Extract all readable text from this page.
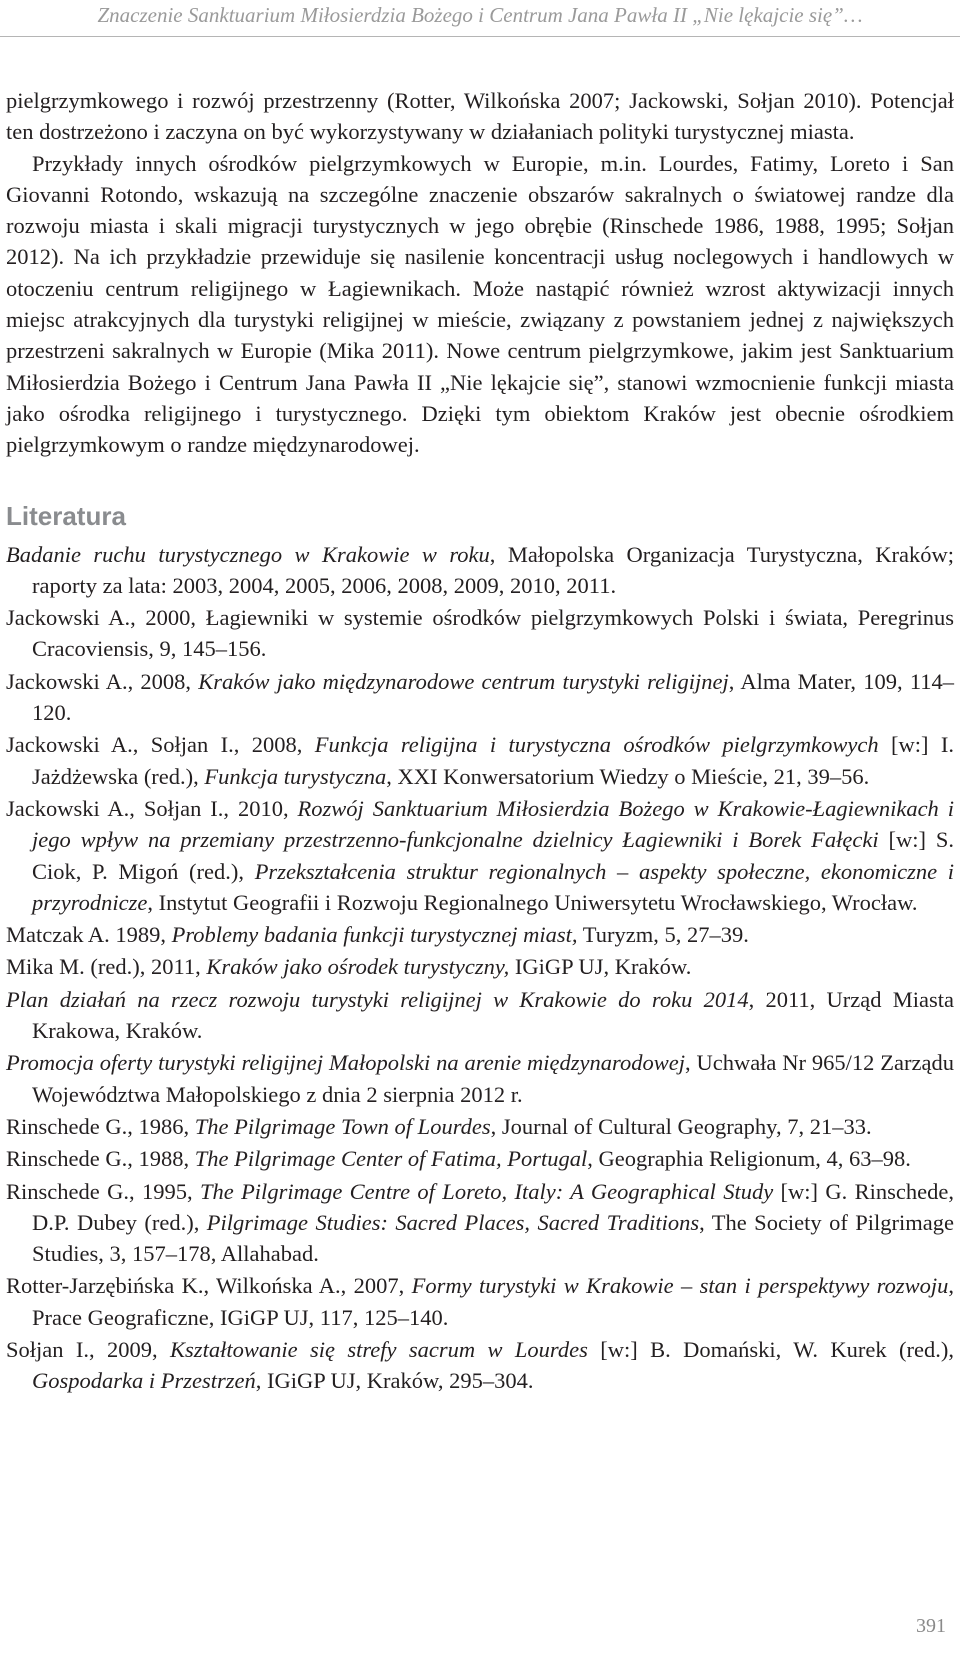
Znaczenie Sanktuarium Miłosierdzia Bożego i Centrum Jana Pawła II „Nie lękajcie się”…

pielgrzymkowego i rozwój przestrzenny (Rotter, Wilkońska 2007; Jackowski, Sołjan 2010). Potencjał ten dostrzeżono i zaczyna on być wykorzystywany w działaniach polityki turystycznej miasta.

Przykłady innych ośrodków pielgrzymkowych w Europie, m.in. Lourdes, Fatimy, Loreto i San Giovanni Rotondo, wskazują na szczególne znaczenie obszarów sakralnych o światowej randze dla rozwoju miasta i skali migracji turystycznych w jego obrębie (Rinschede 1986, 1988, 1995; Sołjan 2012). Na ich przykładzie przewiduje się nasilenie koncentracji usług noclegowych i handlowych w otoczeniu centrum religijnego w Łagiewnikach. Może nastąpić również wzrost aktywizacji innych miejsc atrakcyjnych dla turystyki religijnej w mieście, związany z powstaniem jednej z największych przestrzeni sakralnych w Europie (Mika 2011). Nowe centrum pielgrzymkowe, jakim jest Sanktuarium Miłosierdzia Bożego i Centrum Jana Pawła II „Nie lękajcie się”, stanowi wzmocnienie funkcji miasta jako ośrodka religijnego i turystycznego. Dzięki tym obiektom Kraków jest obecnie ośrodkiem pielgrzymkowym o randze międzynarodowej.

Literatura
Badanie ruchu turystycznego w Krakowie w roku, Małopolska Organizacja Turystyczna, Kraków; raporty za lata: 2003, 2004, 2005, 2006, 2008, 2009, 2010, 2011.
Jackowski A., 2000, Łagiewniki w systemie ośrodków pielgrzymkowych Polski i świata, Peregrinus Cracoviensis, 9, 145–156.
Jackowski A., 2008, Kraków jako międzynarodowe centrum turystyki religijnej, Alma Mater, 109, 114–120.
Jackowski A., Sołjan I., 2008, Funkcja religijna i turystyczna ośrodków pielgrzymkowych [w:] I. Jażdżewska (red.), Funkcja turystyczna, XXI Konwersatorium Wiedzy o Mieście, 21, 39–56.
Jackowski A., Sołjan I., 2010, Rozwój Sanktuarium Miłosierdzia Bożego w Krakowie-Łagiewnikach i jego wpływ na przemiany przestrzenno-funkcjonalne dzielnicy Łagiewniki i Borek Fałęcki [w:] S. Ciok, P. Migoń (red.), Przekształcenia struktur regionalnych – aspekty społeczne, ekonomiczne i przyrodnicze, Instytut Geografii i Rozwoju Regionalnego Uniwersytetu Wrocławskiego, Wrocław.
Matczak A. 1989, Problemy badania funkcji turystycznej miast, Turyzm, 5, 27–39.
Mika M. (red.), 2011, Kraków jako ośrodek turystyczny, IGiGP UJ, Kraków.
Plan działań na rzecz rozwoju turystyki religijnej w Krakowie do roku 2014, 2011, Urząd Miasta Krakowa, Kraków.
Promocja oferty turystyki religijnej Małopolski na arenie międzynarodowej, Uchwała Nr 965/12 Zarządu Województwa Małopolskiego z dnia 2 sierpnia 2012 r.
Rinschede G., 1986, The Pilgrimage Town of Lourdes, Journal of Cultural Geography, 7, 21–33.
Rinschede G., 1988, The Pilgrimage Center of Fatima, Portugal, Geographia Religionum, 4, 63–98.
Rinschede G., 1995, The Pilgrimage Centre of Loreto, Italy: A Geographical Study [w:] G. Rinschede, D.P. Dubey (red.), Pilgrimage Studies: Sacred Places, Sacred Traditions, The Society of Pilgrimage Studies, 3, 157–178, Allahabad.
Rotter-Jarzębińska K., Wilkońska A., 2007, Formy turystyki w Krakowie – stan i perspektywy rozwoju, Prace Geograficzne, IGiGP UJ, 117, 125–140.
Sołjan I., 2009, Kształtowanie się strefy sacrum w Lourdes [w:] B. Domański, W. Kurek (red.), Gospodarka i Przestrzeń, IGiGP UJ, Kraków, 295–304.
391
